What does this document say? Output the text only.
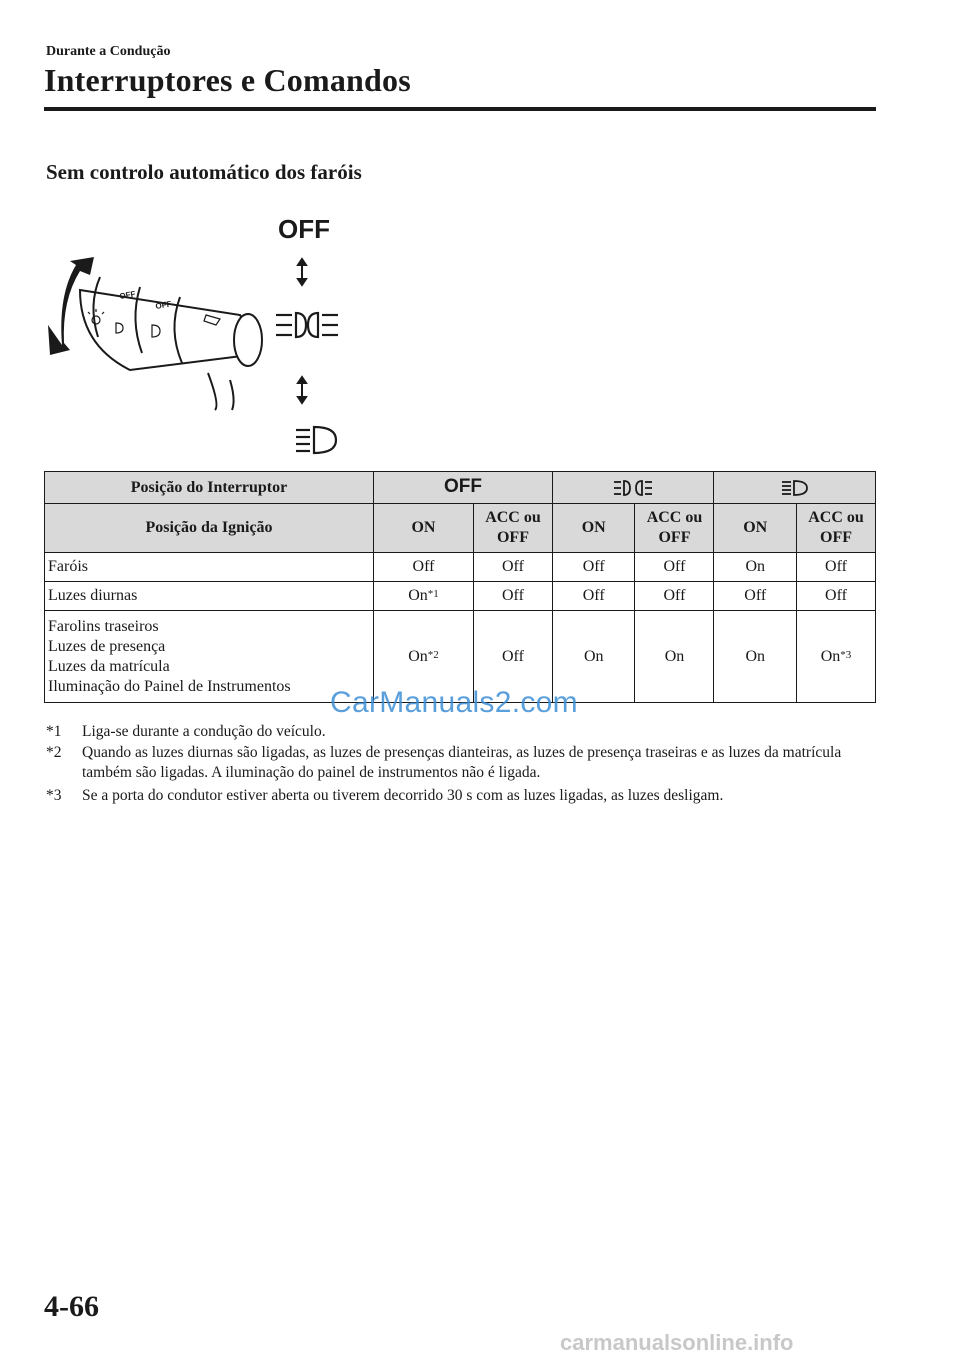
Durante a Condução
Interruptores e Comandos
Sem controlo automático dos faróis
OFF
OFF
OFF
Posição do Interruptor	OFF		
Posição da Ignição	ON	ACC ou OFF	ON	ACC ou OFF	ON	ACC ou OFF
Faróis	Off	Off	Off	Off	On	Off
Luzes diurnas	On$^{*1}$	Off	Off	Off	Off	Off

Farolins traseiros
Luzes de presença
Luzes da matrícula
Iluminação do Painel de Instrumentos	On$^{*2}$	Off	On	On	On	On$^{*3}$
*1 Liga-se durante a condução do veículo.
*2 Quando as luzes diurnas são ligadas, as luzes de presenças dianteiras, as luzes de presença traseiras e as luzes da matrícula também são ligadas. A iluminação do painel de instrumentos não é ligada.
*3 Se a porta do condutor estiver aberta ou tiverem decorrido 30 s com as luzes ligadas, as luzes desligam.
CarManuals2.com
4-66
carmanualsonline.info
